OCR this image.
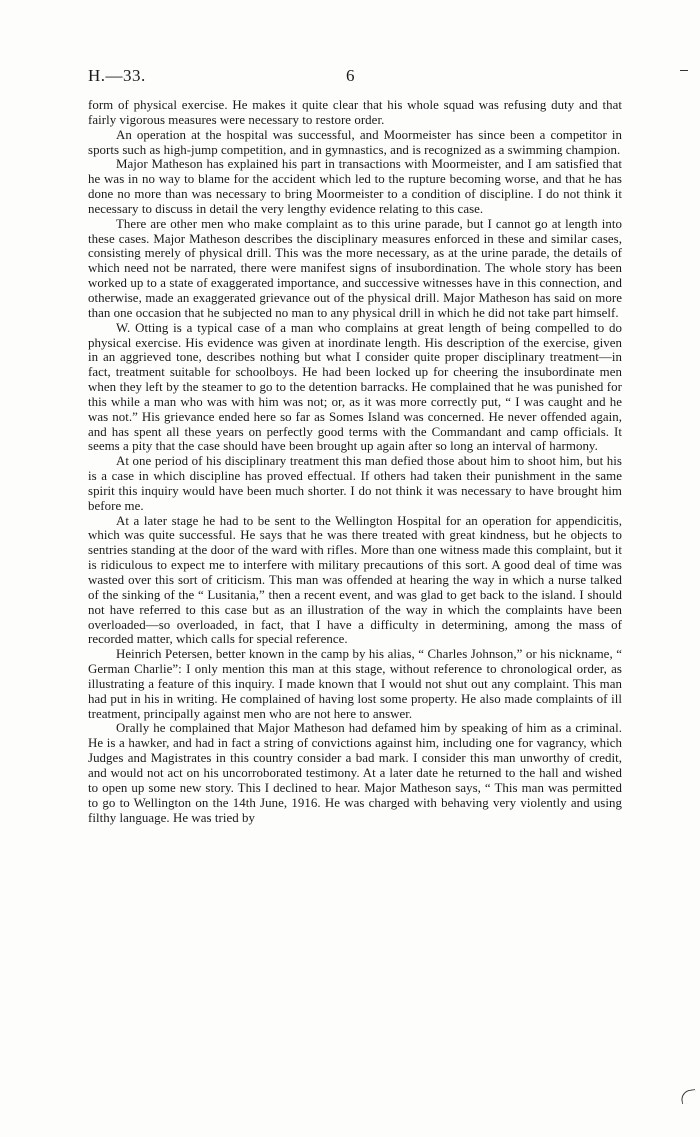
H.—33.	6

form of physical exercise. He makes it quite clear that his whole squad was refusing duty and that fairly vigorous measures were necessary to restore order.

An operation at the hospital was successful, and Moormeister has since been a competitor in sports such as high-jump competition, and in gymnastics, and is recognized as a swimming champion.

Major Matheson has explained his part in transactions with Moormeister, and I am satisfied that he was in no way to blame for the accident which led to the rupture becoming worse, and that he has done no more than was necessary to bring Moormeister to a condition of discipline. I do not think it necessary to discuss in detail the very lengthy evidence relating to this case.

There are other men who make complaint as to this urine parade, but I cannot go at length into these cases. Major Matheson describes the disciplinary measures enforced in these and similar cases, consisting merely of physical drill. This was the more necessary, as at the urine parade, the details of which need not be narrated, there were manifest signs of insubordination. The whole story has been worked up to a state of exaggerated importance, and successive witnesses have in this connection, and otherwise, made an exaggerated grievance out of the physical drill. Major Matheson has said on more than one occasion that he subjected no man to any physical drill in which he did not take part himself.

W. Otting is a typical case of a man who complains at great length of being compelled to do physical exercise. His evidence was given at inordinate length. His description of the exercise, given in an aggrieved tone, describes nothing but what I consider quite proper disciplinary treatment—in fact, treatment suitable for schoolboys. He had been locked up for cheering the insubordinate men when they left by the steamer to go to the detention barracks. He complained that he was punished for this while a man who was with him was not; or, as it was more correctly put, “ I was caught and he was not.” His grievance ended here so far as Somes Island was concerned. He never offended again, and has spent all these years on perfectly good terms with the Commandant and camp officials. It seems a pity that the case should have been brought up again after so long an interval of harmony.

At one period of his disciplinary treatment this man defied those about him to shoot him, but his is a case in which discipline has proved effectual. If others had taken their punishment in the same spirit this inquiry would have been much shorter. I do not think it was necessary to have brought him before me.

At a later stage he had to be sent to the Wellington Hospital for an operation for appendicitis, which was quite successful. He says that he was there treated with great kindness, but he objects to sentries standing at the door of the ward with rifles. More than one witness made this complaint, but it is ridiculous to expect me to interfere with military precautions of this sort. A good deal of time was wasted over this sort of criticism. This man was offended at hearing the way in which a nurse talked of the sinking of the “ Lusitania,” then a recent event, and was glad to get back to the island. I should not have referred to this case but as an illustration of the way in which the complaints have been overloaded—so overloaded, in fact, that I have a difficulty in determining, among the mass of recorded matter, which calls for special reference.

Heinrich Petersen, better known in the camp by his alias, “ Charles Johnson,” or his nickname, “ German Charlie”: I only mention this man at this stage, without reference to chronological order, as illustrating a feature of this inquiry. I made known that I would not shut out any complaint. This man had put in his in writing. He complained of having lost some property. He also made complaints of ill treatment, principally against men who are not here to answer.

Orally he complained that Major Matheson had defamed him by speaking of him as a criminal. He is a hawker, and had in fact a string of convictions against him, including one for vagrancy, which Judges and Magistrates in this country consider a bad mark. I consider this man unworthy of credit, and would not act on his uncorroborated testimony. At a later date he returned to the hall and wished to open up some new story. This I declined to hear. Major Matheson says, “ This man was permitted to go to Wellington on the 14th June, 1916. He was charged with behaving very violently and using filthy language. He was tried by
